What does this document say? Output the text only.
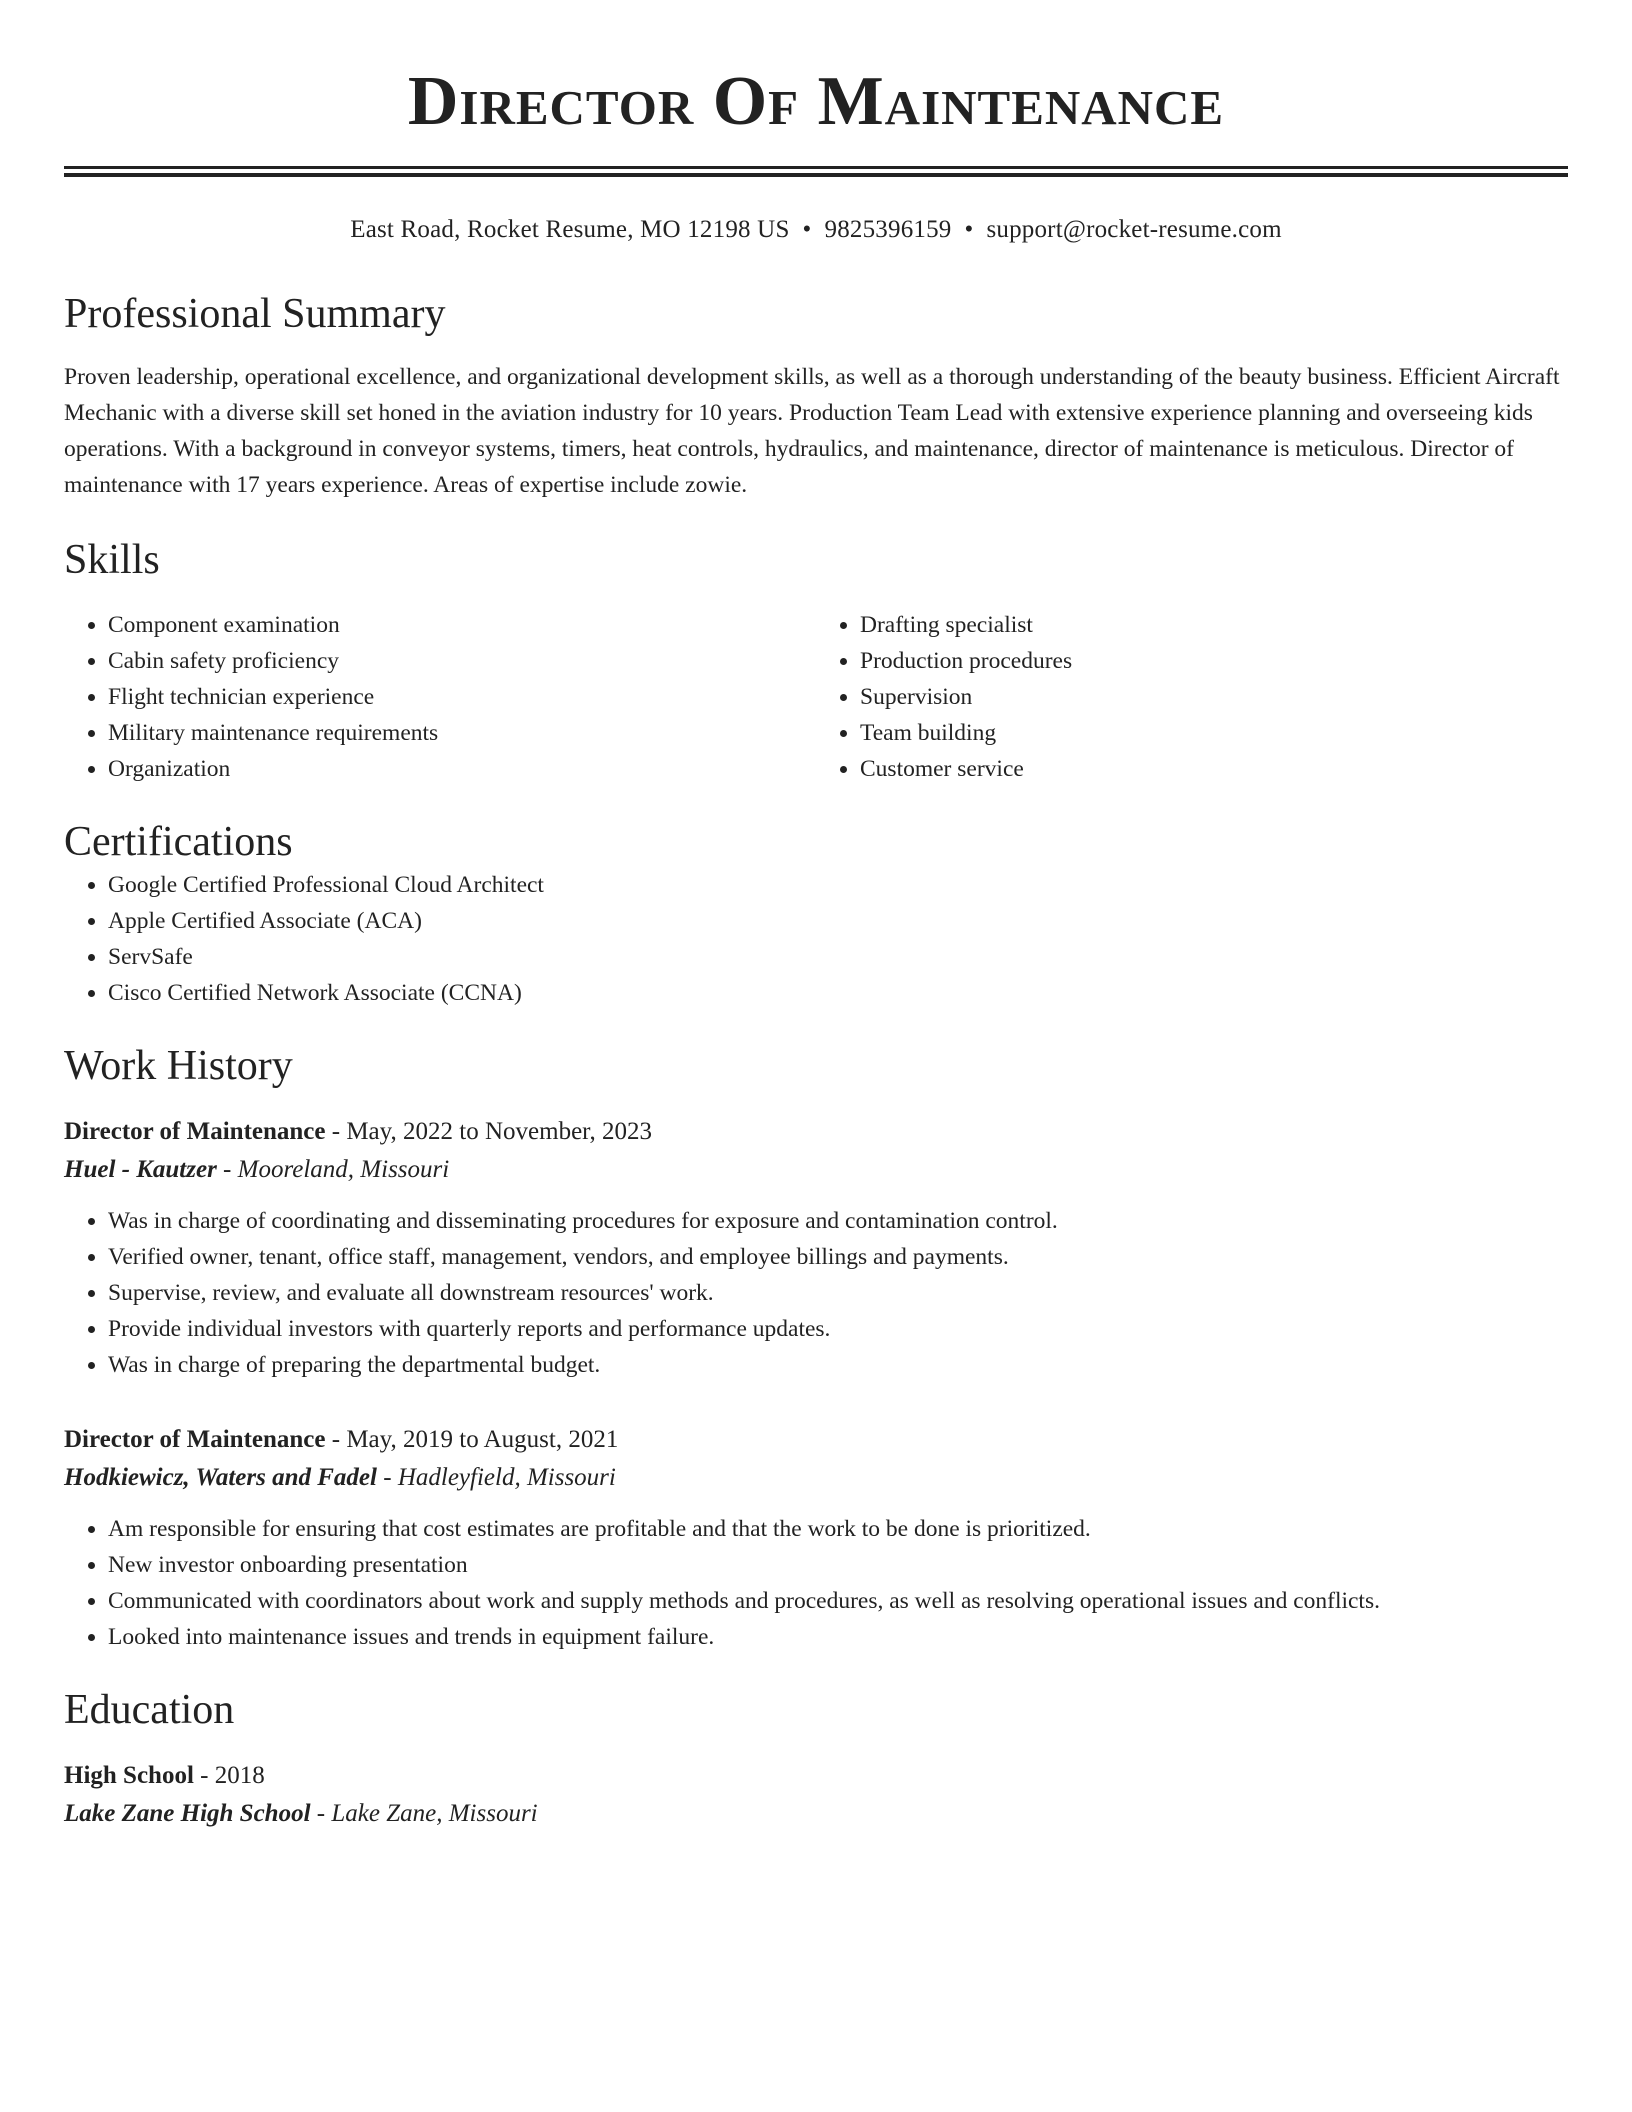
Director Of Maintenance
East Road, Rocket Resume, MO 12198 US • 9825396159 • support@rocket-resume.com
Professional Summary

Proven leadership, operational excellence, and organizational development skills, as well as a thorough understanding of the beauty business. Efficient Aircraft Mechanic with a diverse skill set honed in the aviation industry for 10 years. Production Team Lead with extensive experience planning and overseeing kids operations. With a background in conveyor systems, timers, heat controls, hydraulics, and maintenance, director of maintenance is meticulous. Director of maintenance with 17 years experience. Areas of expertise include zowie.

Skills
• Component examination
• Cabin safety proficiency
• Flight technician experience
• Military maintenance requirements
• Organization
• Drafting specialist
• Production procedures
• Supervision
• Team building
• Customer service
Certifications
• Google Certified Professional Cloud Architect
• Apple Certified Associate (ACA)
• ServSafe
• Cisco Certified Network Associate (CCNA)
Work History
Director of Maintenance - May, 2022 to November, 2023
Huel - Kautzer - Mooreland, Missouri
• Was in charge of coordinating and disseminating procedures for exposure and contamination control.
• Verified owner, tenant, office staff, management, vendors, and employee billings and payments.
• Supervise, review, and evaluate all downstream resources' work.
• Provide individual investors with quarterly reports and performance updates.
• Was in charge of preparing the departmental budget.
Director of Maintenance - May, 2019 to August, 2021
Hodkiewicz, Waters and Fadel - Hadleyfield, Missouri
• Am responsible for ensuring that cost estimates are profitable and that the work to be done is prioritized.
• New investor onboarding presentation
• Communicated with coordinators about work and supply methods and procedures, as well as resolving operational issues and conflicts.
• Looked into maintenance issues and trends in equipment failure.
Education
High School - 2018
Lake Zane High School - Lake Zane, Missouri
